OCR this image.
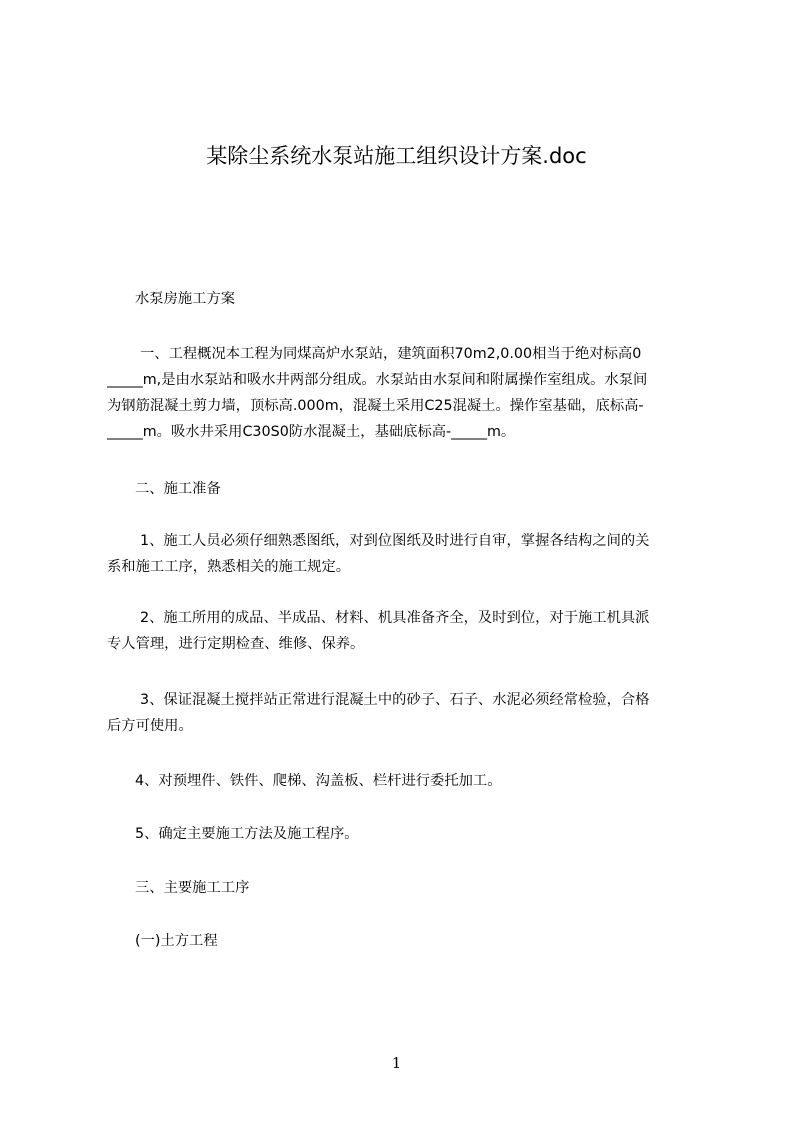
某除尘系统水泵站施工组织设计方案.doc
水泵房施工方案
一、工程概况本工程为同煤高炉水泵站，建筑面积70m2,0.00相当于绝对标高0
_____m,是由水泵站和吸水井两部分组成。水泵站由水泵间和附属操作室组成。水泵间
为钢筋混凝土剪力墙，顶标高.000m，混凝土采用C25混凝土。操作室基础，底标高-
_____m。吸水井采用C30S0防水混凝土，基础底标高-_____m。
二、施工准备
1、施工人员必须仔细熟悉图纸，对到位图纸及时进行自审，掌握各结构之间的关
系和施工工序，熟悉相关的施工规定。
2、施工所用的成品、半成品、材料、机具准备齐全，及时到位，对于施工机具派
专人管理，进行定期检查、维修、保养。
3、保证混凝土搅拌站正常进行混凝土中的砂子、石子、水泥必须经常检验，合格
后方可使用。
4、对预埋件、铁件、爬梯、沟盖板、栏杆进行委托加工。
5、确定主要施工方法及施工程序。
三、主要施工工序
(一)土方工程
1
